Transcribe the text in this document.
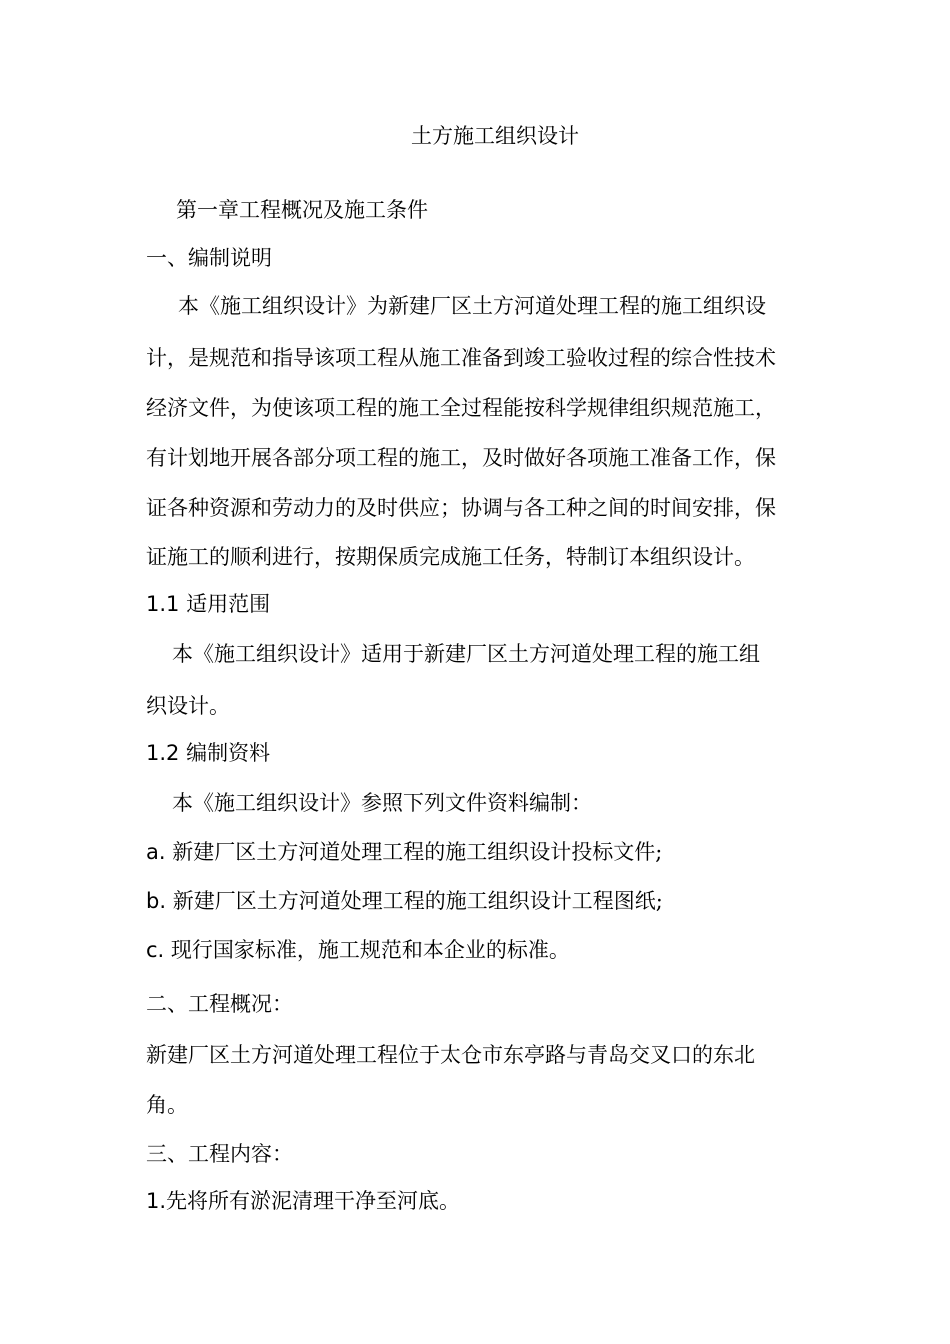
土方施工组织设计
第一章工程概况及施工条件
一、编制说明
本《施工组织设计》为新建厂区土方河道处理工程的施工组织设
计，是规范和指导该项工程从施工准备到竣工验收过程的综合性技术
经济文件，为使该项工程的施工全过程能按科学规律组织规范施工，
有计划地开展各部分项工程的施工，及时做好各项施工准备工作，保
证各种资源和劳动力的及时供应；协调与各工种之间的时间安排，保
证施工的顺利进行，按期保质完成施工任务，特制订本组织设计。
1.1 适用范围
本《施工组织设计》适用于新建厂区土方河道处理工程的施工组
织设计。
1.2 编制资料
本《施工组织设计》参照下列文件资料编制：
a. 新建厂区土方河道处理工程的施工组织设计投标文件;
b. 新建厂区土方河道处理工程的施工组织设计工程图纸;
c. 现行国家标准，施工规范和本企业的标准。
二、工程概况：
新建厂区土方河道处理工程位于太仓市东亭路与青岛交叉口的东北
角。
三、工程内容：
1.先将所有淤泥清理干净至河底。
